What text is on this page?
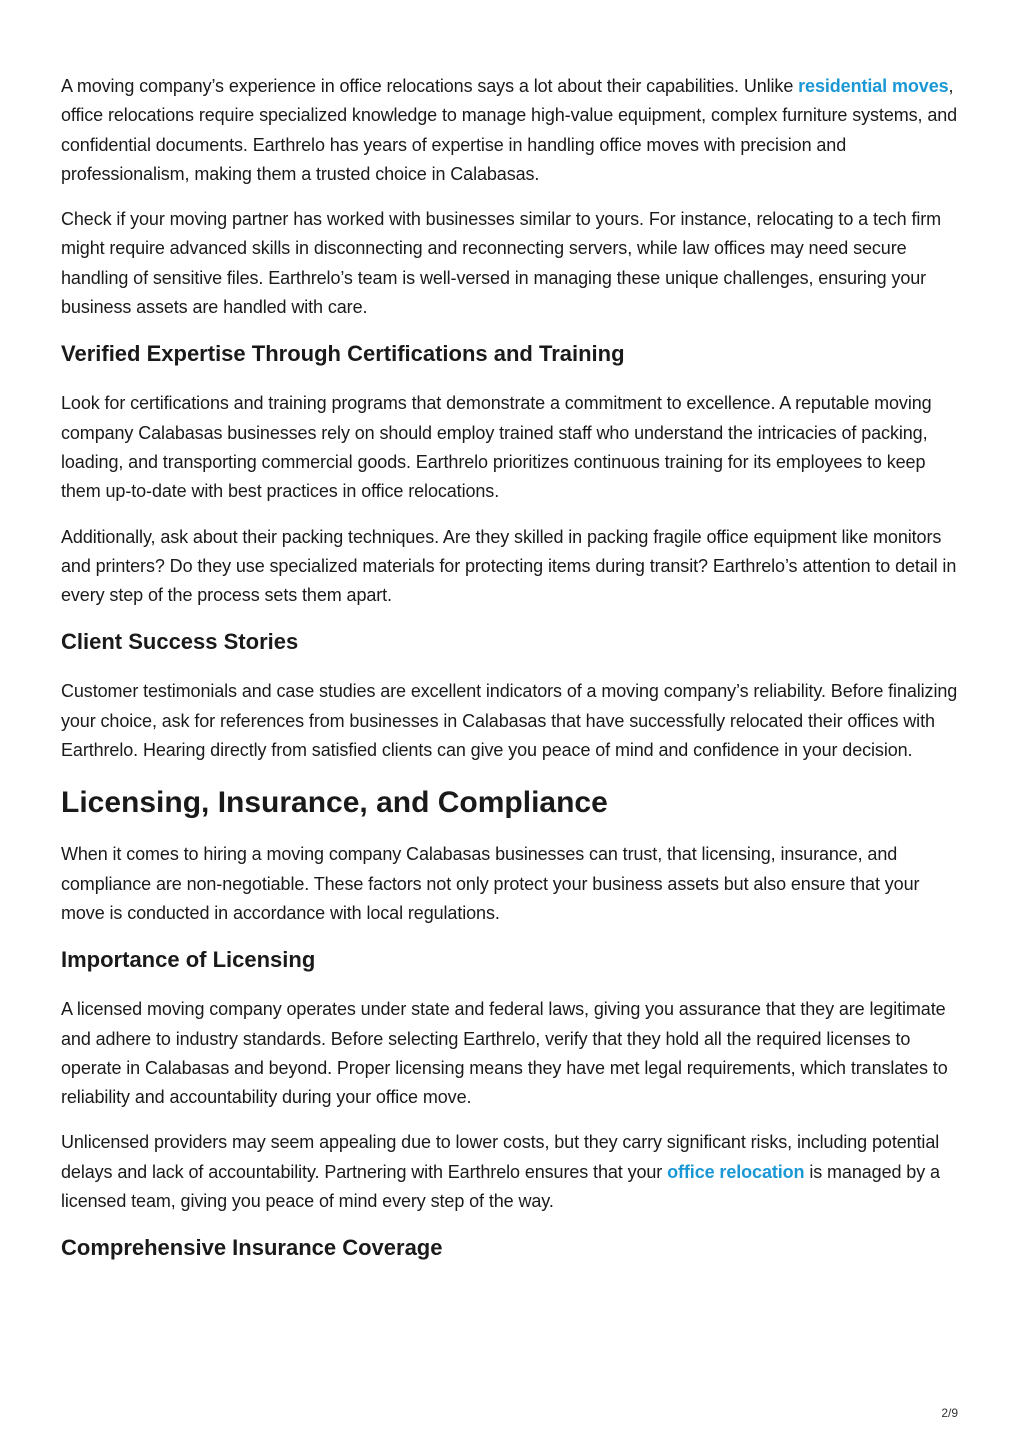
A moving company’s experience in office relocations says a lot about their capabilities. Unlike residential moves, office relocations require specialized knowledge to manage high-value equipment, complex furniture systems, and confidential documents. Earthrelo has years of expertise in handling office moves with precision and professionalism, making them a trusted choice in Calabasas.

Check if your moving partner has worked with businesses similar to yours. For instance, relocating to a tech firm might require advanced skills in disconnecting and reconnecting servers, while law offices may need secure handling of sensitive files. Earthrelo’s team is well-versed in managing these unique challenges, ensuring your business assets are handled with care.

Verified Expertise Through Certifications and Training

Look for certifications and training programs that demonstrate a commitment to excellence. A reputable moving company Calabasas businesses rely on should employ trained staff who understand the intricacies of packing, loading, and transporting commercial goods. Earthrelo prioritizes continuous training for its employees to keep them up-to-date with best practices in office relocations.

Additionally, ask about their packing techniques. Are they skilled in packing fragile office equipment like monitors and printers? Do they use specialized materials for protecting items during transit? Earthrelo’s attention to detail in every step of the process sets them apart.

Client Success Stories

Customer testimonials and case studies are excellent indicators of a moving company’s reliability. Before finalizing your choice, ask for references from businesses in Calabasas that have successfully relocated their offices with Earthrelo. Hearing directly from satisfied clients can give you peace of mind and confidence in your decision.

Licensing, Insurance, and Compliance

When it comes to hiring a moving company Calabasas businesses can trust, that licensing, insurance, and compliance are non-negotiable. These factors not only protect your business assets but also ensure that your move is conducted in accordance with local regulations.

Importance of Licensing

A licensed moving company operates under state and federal laws, giving you assurance that they are legitimate and adhere to industry standards. Before selecting Earthrelo, verify that they hold all the required licenses to operate in Calabasas and beyond. Proper licensing means they have met legal requirements, which translates to reliability and accountability during your office move.

Unlicensed providers may seem appealing due to lower costs, but they carry significant risks, including potential delays and lack of accountability. Partnering with Earthrelo ensures that your office relocation is managed by a licensed team, giving you peace of mind every step of the way.

Comprehensive Insurance Coverage
2/9
